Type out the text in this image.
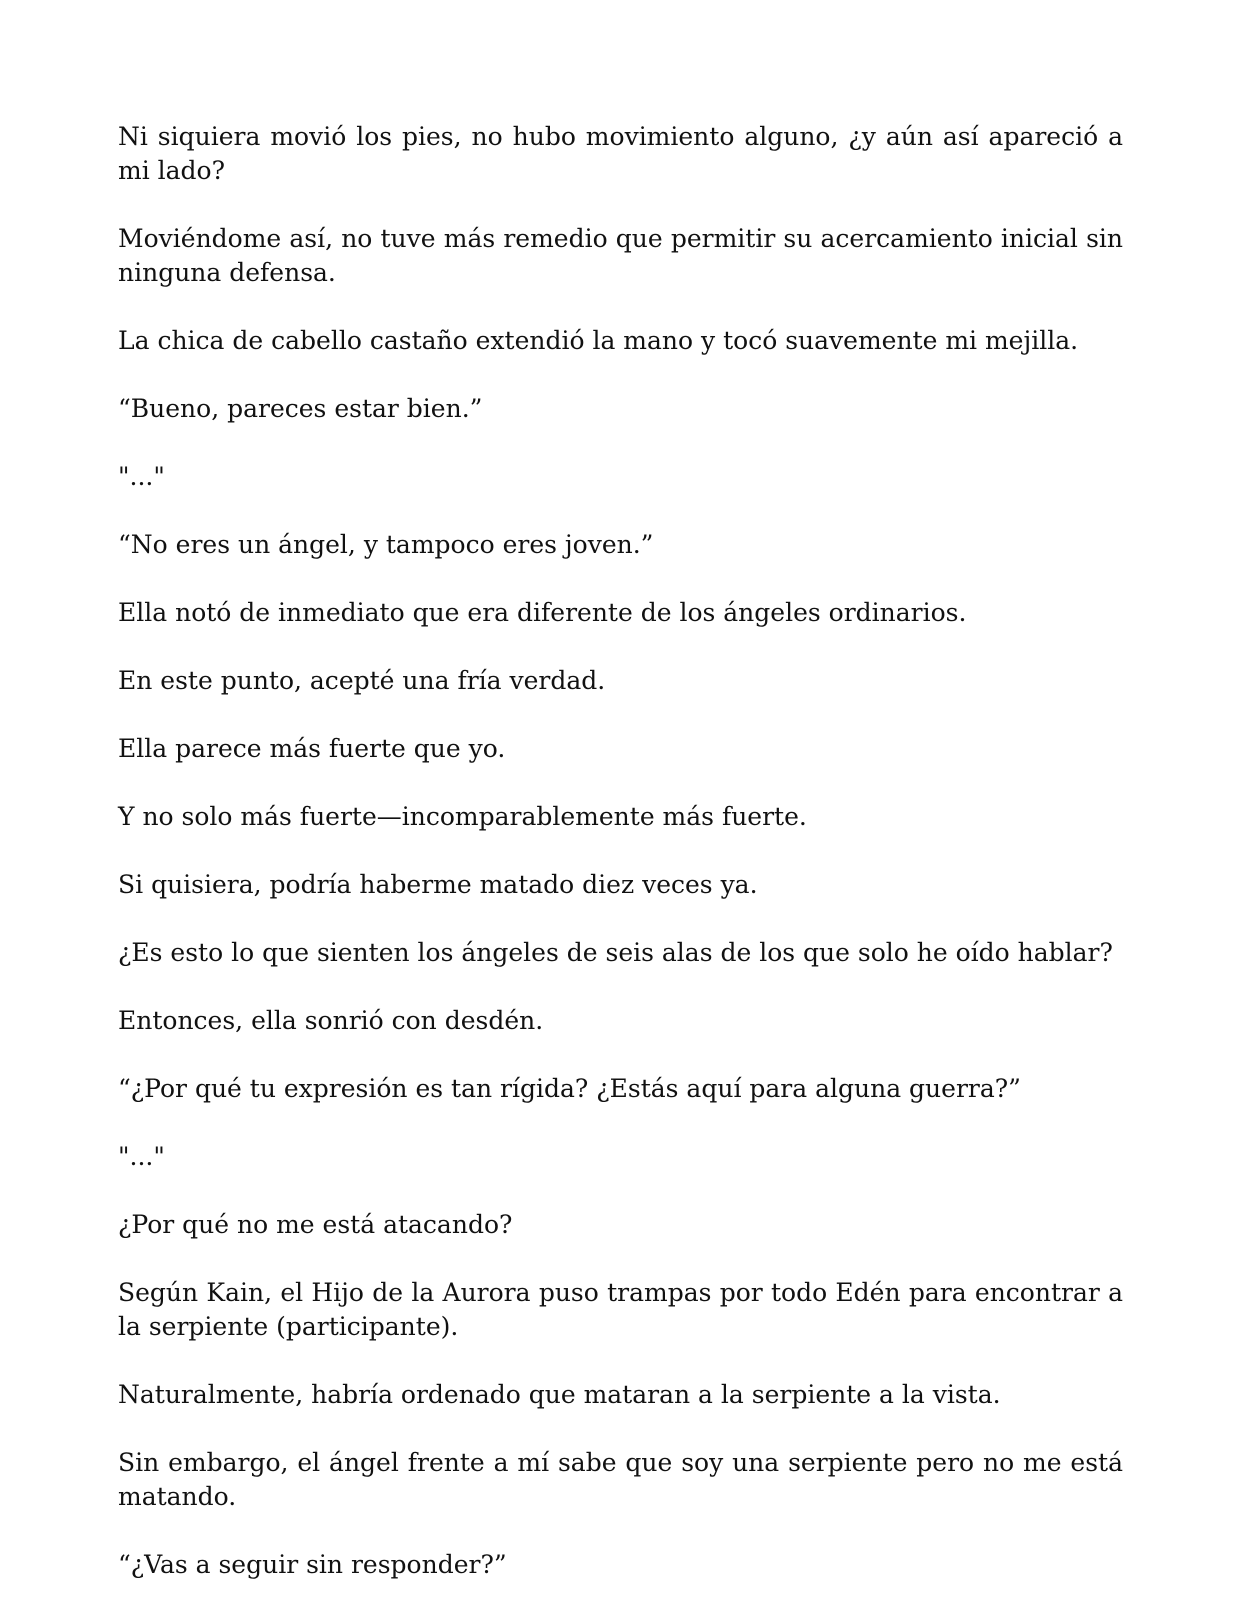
Ni siquiera movió los pies, no hubo movimiento alguno, ¿y aún así apareció a mi lado?

Moviéndome así, no tuve más remedio que permitir su acercamiento inicial sin ninguna defensa.

La chica de cabello castaño extendió la mano y tocó suavemente mi mejilla.

“Bueno, pareces estar bien.”

"..."

“No eres un ángel, y tampoco eres joven.”

Ella notó de inmediato que era diferente de los ángeles ordinarios.

En este punto, acepté una fría verdad.

Ella parece más fuerte que yo.

Y no solo más fuerte—incomparablemente más fuerte.

Si quisiera, podría haberme matado diez veces ya.

¿Es esto lo que sienten los ángeles de seis alas de los que solo he oído hablar?

Entonces, ella sonrió con desdén.

“¿Por qué tu expresión es tan rígida? ¿Estás aquí para alguna guerra?”

"..."

¿Por qué no me está atacando?

Según Kain, el Hijo de la Aurora puso trampas por todo Edén para encontrar a la serpiente (participante).

Naturalmente, habría ordenado que mataran a la serpiente a la vista.

Sin embargo, el ángel frente a mí sabe que soy una serpiente pero no me está matando.

“¿Vas a seguir sin responder?”
